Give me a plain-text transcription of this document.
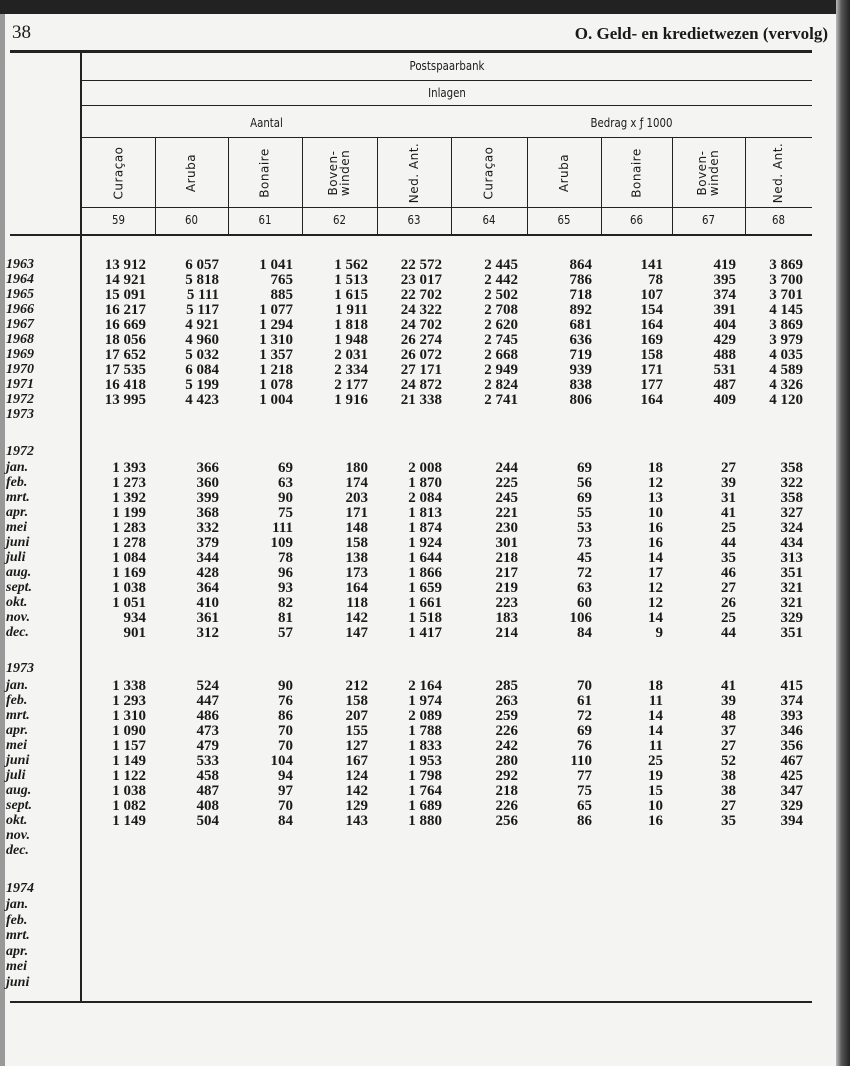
38	O. Geld- en kredietwezen (vervolg)
Postspaarbank
Inlagen
Aantal	Bedrag x ƒ 1000
Curaçao
59
Aruba
60
Bonaire
61
Boven-
winden
62
Ned. Ant.
63
Curaçao
64
Aruba
65
Bonaire
66
Boven-
winden
67
Ned. Ant.
68
1963	13 912	6 057	1 041	1 562	22 572	2 445	864	141	419	3 869
1964	14 921	5 818	765	1 513	23 017	2 442	786	78	395	3 700
1965	15 091	5 111	885	1 615	22 702	2 502	718	107	374	3 701
1966	16 217	5 117	1 077	1 911	24 322	2 708	892	154	391	4 145
1967	16 669	4 921	1 294	1 818	24 702	2 620	681	164	404	3 869
1968	18 056	4 960	1 310	1 948	26 274	2 745	636	169	429	3 979
1969	17 652	5 032	1 357	2 031	26 072	2 668	719	158	488	4 035
1970	17 535	6 084	1 218	2 334	27 171	2 949	939	171	531	4 589
1971	16 418	5 199	1 078	2 177	24 872	2 824	838	177	487	4 326
1972	13 995	4 423	1 004	1 916	21 338	2 741	806	164	409	4 120
1973
1972
jan.	1 393	366	69	180	2 008	244	69	18	27	358
feb.	1 273	360	63	174	1 870	225	56	12	39	322
mrt.	1 392	399	90	203	2 084	245	69	13	31	358
apr.	1 199	368	75	171	1 813	221	55	10	41	327
mei	1 283	332	111	148	1 874	230	53	16	25	324
juni	1 278	379	109	158	1 924	301	73	16	44	434
juli	1 084	344	78	138	1 644	218	45	14	35	313
aug.	1 169	428	96	173	1 866	217	72	17	46	351
sept.	1 038	364	93	164	1 659	219	63	12	27	321
okt.	1 051	410	82	118	1 661	223	60	12	26	321
nov.	934	361	81	142	1 518	183	106	14	25	329
dec.	901	312	57	147	1 417	214	84	9	44	351
1973
jan.	1 338	524	90	212	2 164	285	70	18	41	415
feb.	1 293	447	76	158	1 974	263	61	11	39	374
mrt.	1 310	486	86	207	2 089	259	72	14	48	393
apr.	1 090	473	70	155	1 788	226	69	14	37	346
mei	1 157	479	70	127	1 833	242	76	11	27	356
juni	1 149	533	104	167	1 953	280	110	25	52	467
juli	1 122	458	94	124	1 798	292	77	19	38	425
aug.	1 038	487	97	142	1 764	218	75	15	38	347
sept.	1 082	408	70	129	1 689	226	65	10	27	329
okt.	1 149	504	84	143	1 880	256	86	16	35	394
nov.
dec.
1974
jan.
feb.
mrt.
apr.
mei
juni
